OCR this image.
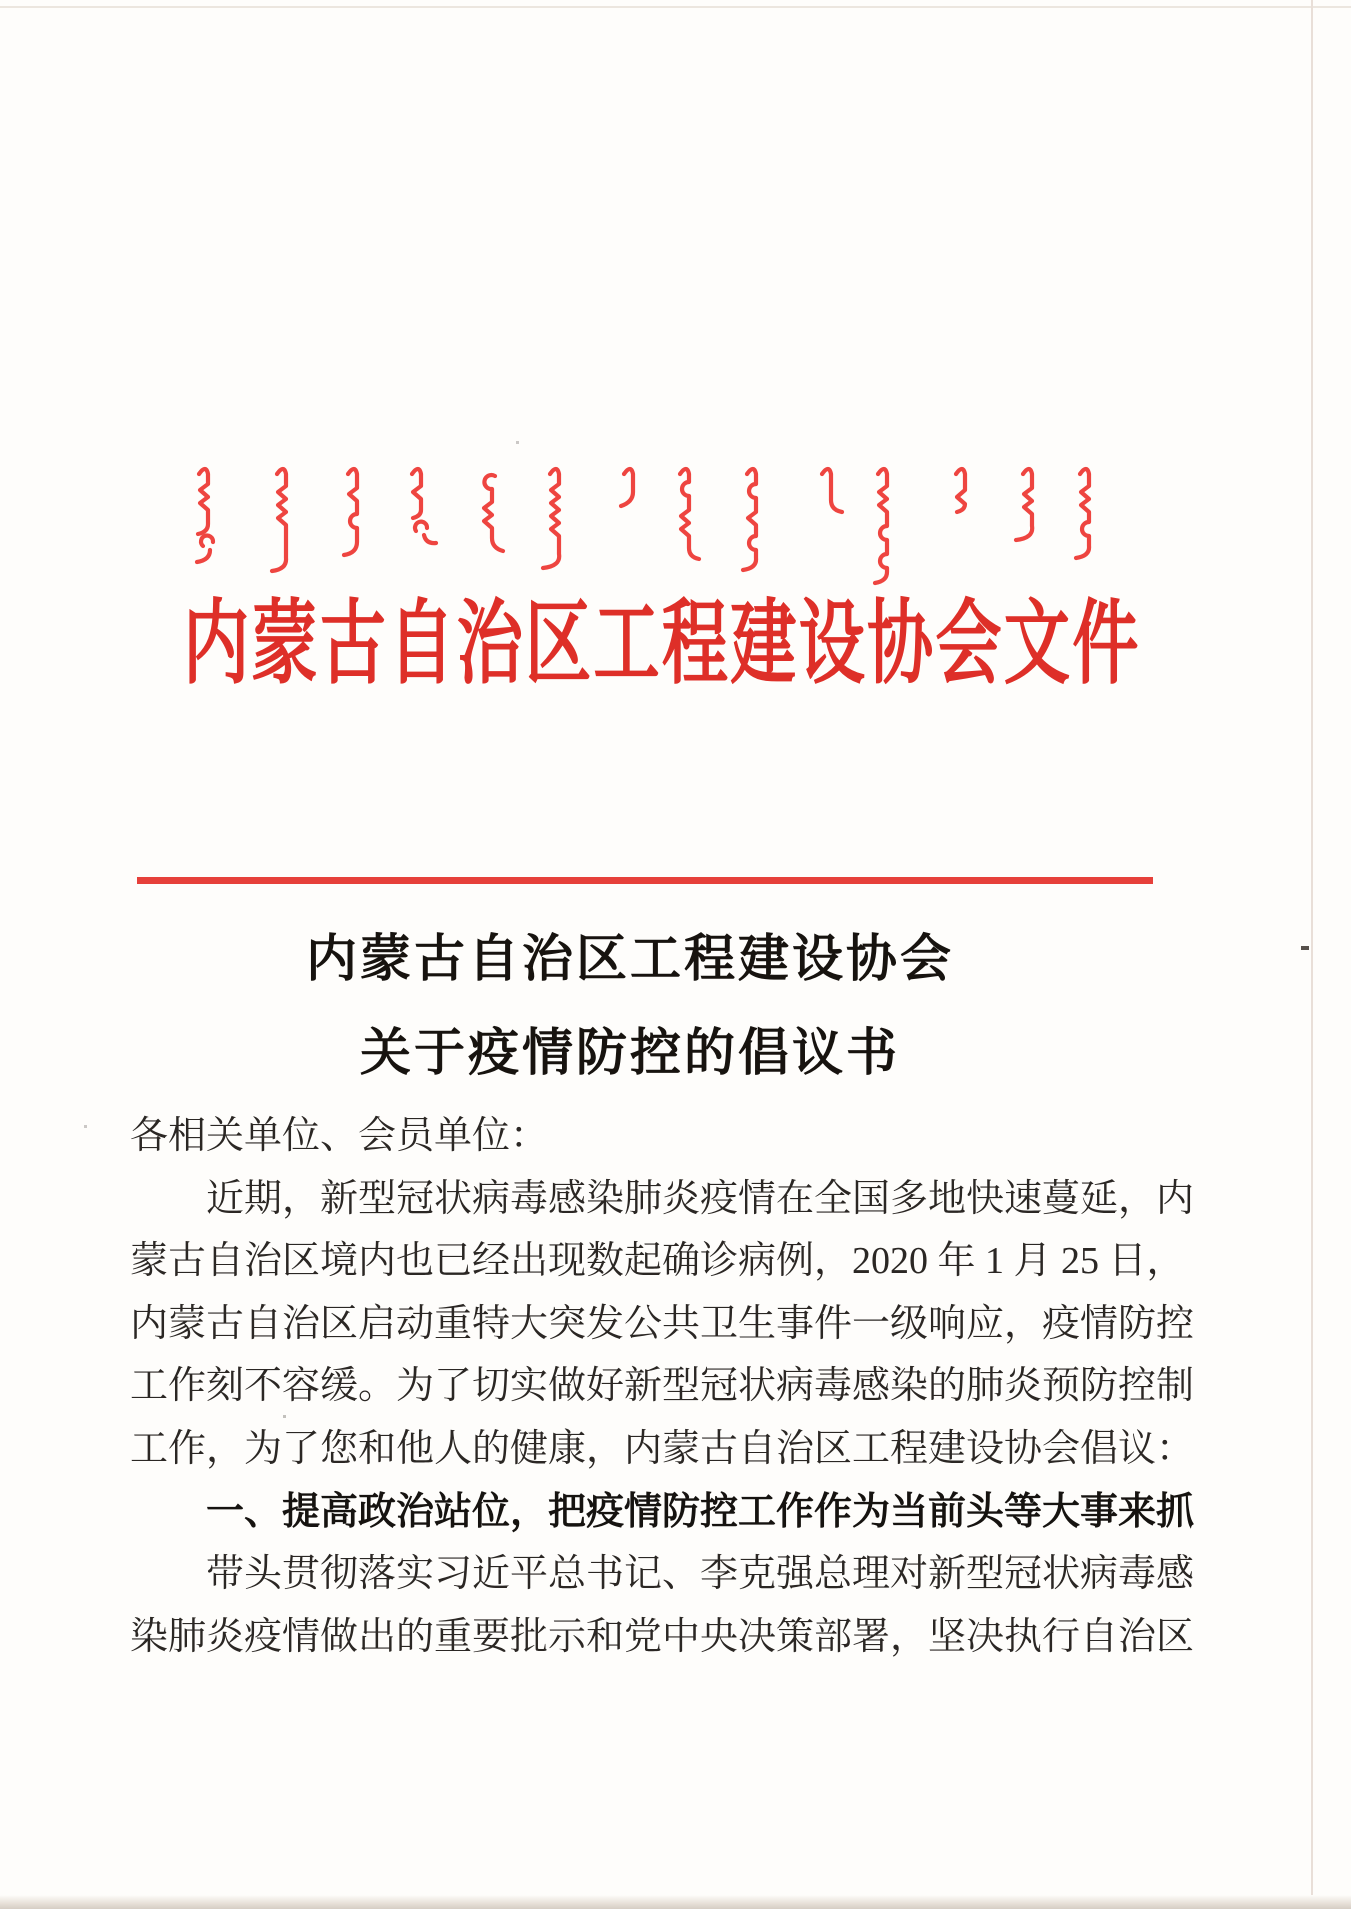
内蒙古自治区工程建设协会文件
内蒙古自治区工程建设协会
关于疫情防控的倡议书
各相关单位、会员单位：
近期，新型冠状病毒感染肺炎疫情在全国多地快速蔓延，内
蒙古自治区境内也已经出现数起确诊病例，2020 年 1 月 25 日，
内蒙古自治区启动重特大突发公共卫生事件一级响应，疫情防控
工作刻不容缓。为了切实做好新型冠状病毒感染的肺炎预防控制
工作，为了您和他人的健康，内蒙古自治区工程建设协会倡议：
一、提高政治站位，把疫情防控工作作为当前头等大事来抓
带头贯彻落实习近平总书记、李克强总理对新型冠状病毒感
染肺炎疫情做出的重要批示和党中央决策部署，坚决执行自治区
